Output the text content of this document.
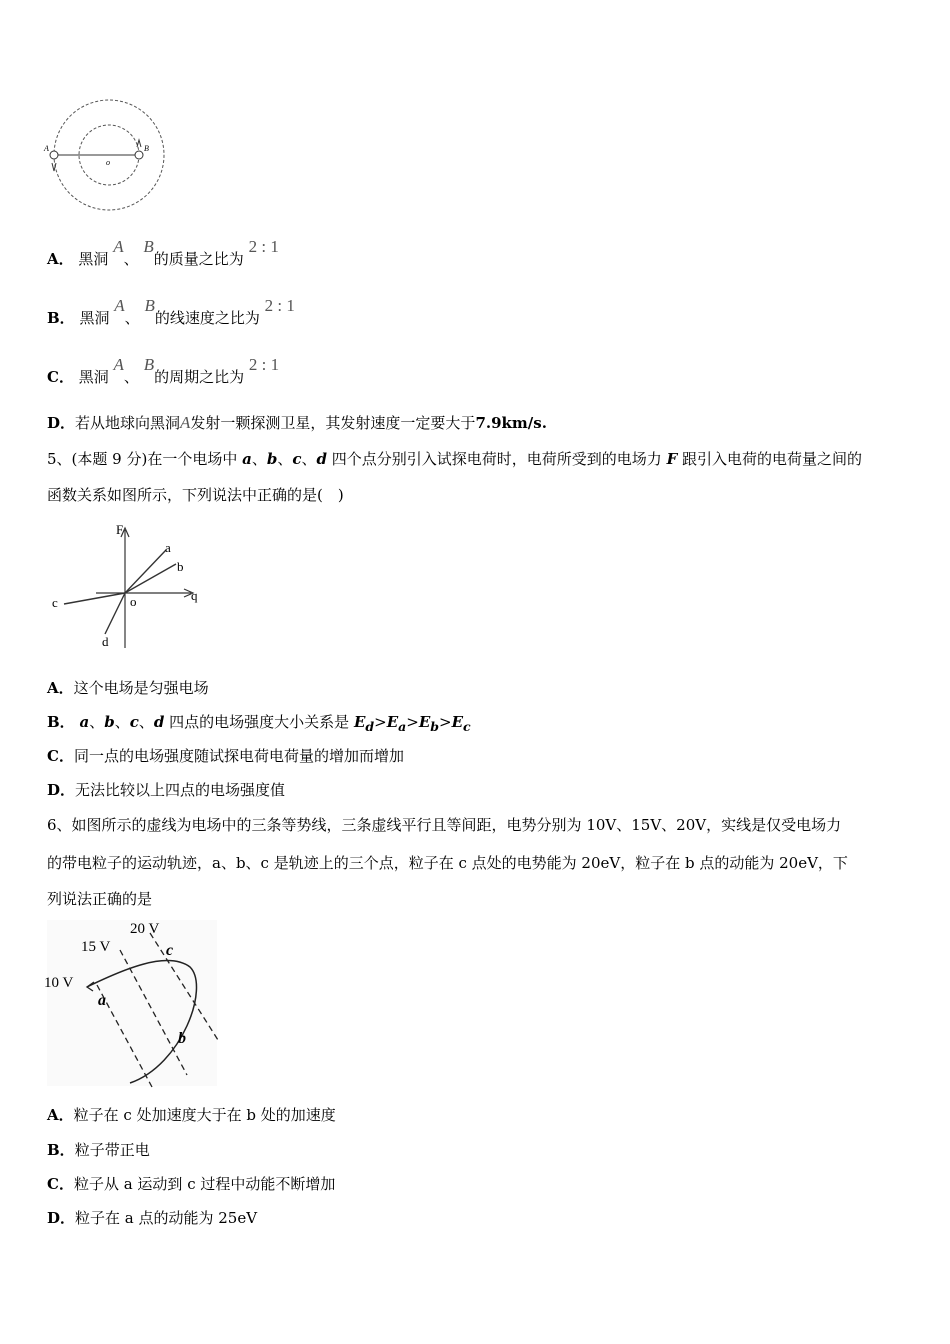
A
o
B
A． 黑洞 A、 B的质量之比为 2 : 1
B． 黑洞 A、 B的线速度之比为 2 : 1
C． 黑洞 A、 B的周期之比为 2 : 1
D．若从地球向黑洞A发射一颗探测卫星，其发射速度一定要大于7.9km/s.
5、(本题 9 分)在一个电场中 a、b、c、d 四个点分别引入试探电荷时，电荷所受到的电场力 F 跟引入电荷的电荷量之间的
函数关系如图所示，下列说法中正确的是(　)
F
a
b
c	o	q
d
A．这个电场是匀强电场
B． a、b、c、d 四点的电场强度大小关系是 $E_d>E_a>E_b>E_c$
C．同一点的电场强度随试探电荷电荷量的增加而增加
D．无法比较以上四点的电场强度值
6、如图所示的虚线为电场中的三条等势线，三条虚线平行且等间距，电势分别为 10V、15V、20V，实线是仅受电场力
的带电粒子的运动轨迹，a、b、c 是轨迹上的三个点，粒子在 c 点处的电势能为 20eV，粒子在 b 点的动能为 20eV，下
列说法正确的是
20 V
15 V
10 V
a
b
c
A．粒子在 c 处加速度大于在 b 处的加速度
B．粒子带正电
C．粒子从 a 运动到 c 过程中动能不断增加
D．粒子在 a 点的动能为 25eV
